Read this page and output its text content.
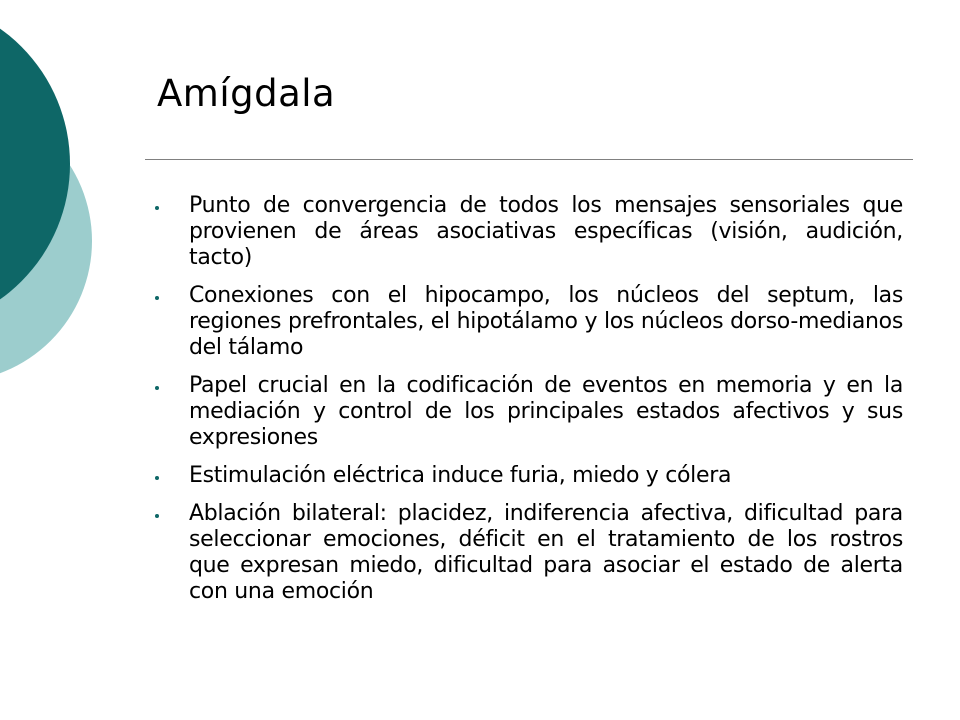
Amígdala
Punto de convergencia de todos los mensajes sensoriales que provienen de áreas asociativas específicas (visión, audición, tacto)
Conexiones con el hipocampo, los núcleos del septum, las regiones prefrontales, el hipotálamo y los núcleos dorso-medianos del tálamo
Papel crucial en la codificación de eventos en memoria y en la mediación y control de los principales estados afectivos y sus expresiones
Estimulación eléctrica induce furia, miedo y cólera
Ablación bilateral: placidez, indiferencia afectiva, dificultad para seleccionar emociones, déficit en el tratamiento de los rostros que expresan miedo, dificultad para asociar el estado de alerta con una emoción
